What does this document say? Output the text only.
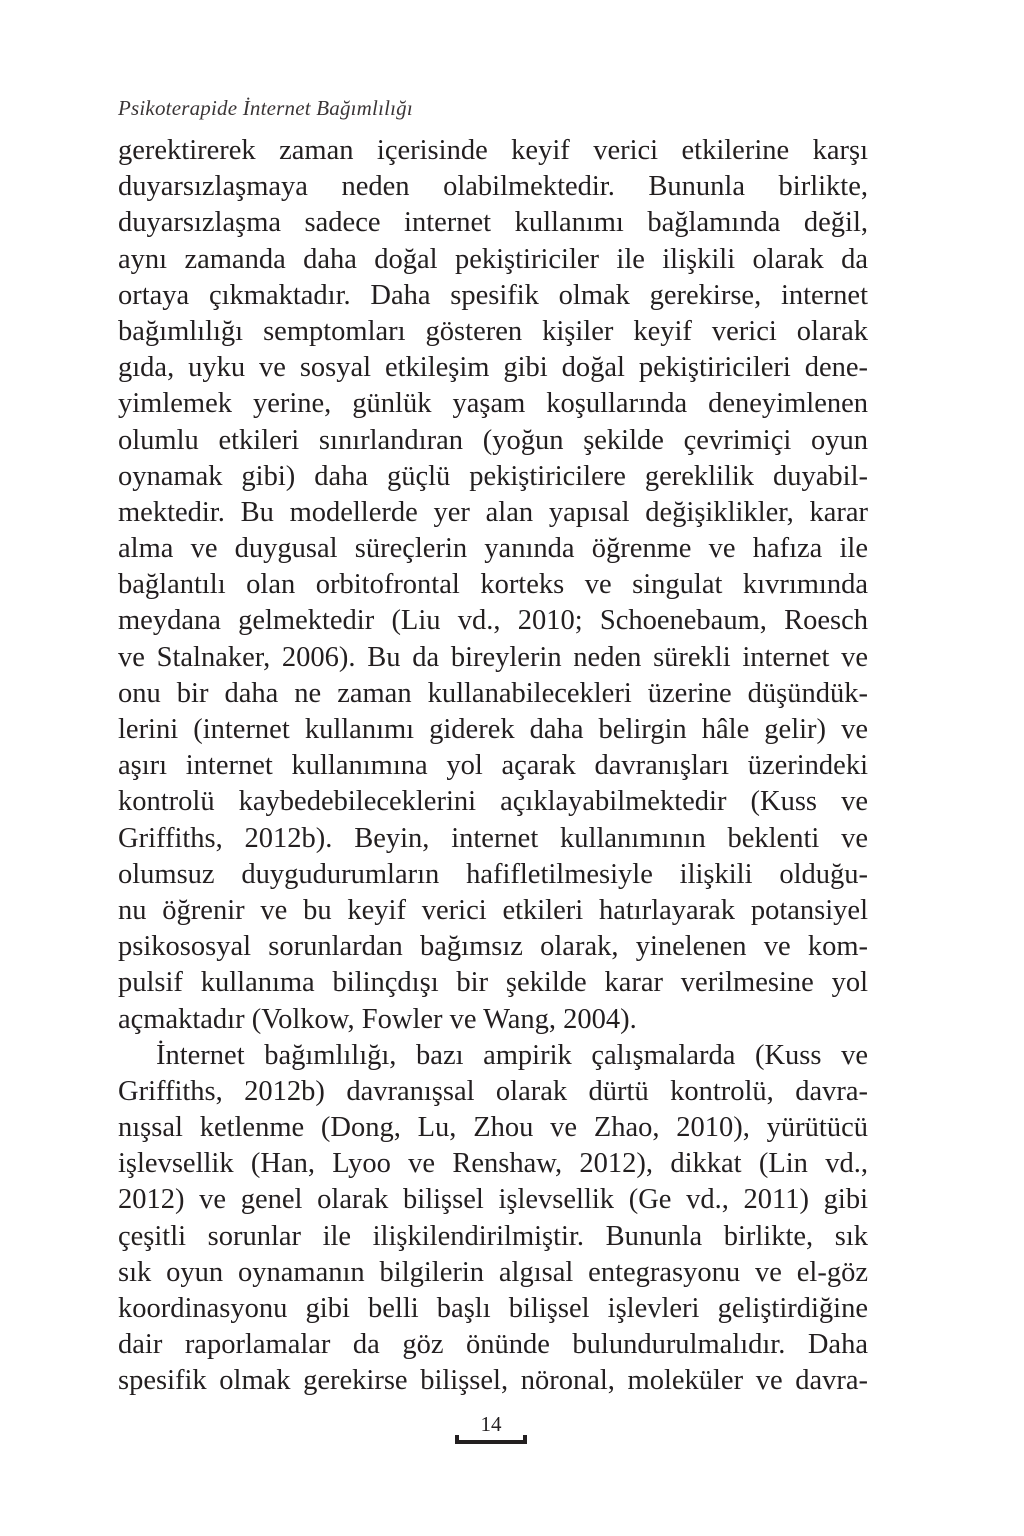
Psikoterapide İnternet Bağımlılığı
gerektirerek zaman içerisinde keyif verici etkilerine karşı
duyarsızlaşmaya neden olabilmektedir. Bununla birlikte,
duyarsızlaşma sadece internet kullanımı bağlamında değil,
aynı zamanda daha doğal pekiştiriciler ile ilişkili olarak da
ortaya çıkmaktadır. Daha spesifik olmak gerekirse, internet
bağımlılığı semptomları gösteren kişiler keyif verici olarak
gıda, uyku ve sosyal etkileşim gibi doğal pekiştiricileri dene-
yimlemek yerine, günlük yaşam koşullarında deneyimlenen
olumlu etkileri sınırlandıran (yoğun şekilde çevrimiçi oyun
oynamak gibi) daha güçlü pekiştiricilere gereklilik duyabil-
mektedir. Bu modellerde yer alan yapısal değişiklikler, karar
alma ve duygusal süreçlerin yanında öğrenme ve hafıza ile
bağlantılı olan orbitofrontal korteks ve singulat kıvrımında
meydana gelmektedir (Liu vd., 2010; Schoenebaum, Roesch
ve Stalnaker, 2006). Bu da bireylerin neden sürekli internet ve
onu bir daha ne zaman kullanabilecekleri üzerine düşündük-
lerini (internet kullanımı giderek daha belirgin hâle gelir) ve
aşırı internet kullanımına yol açarak davranışları üzerindeki
kontrolü kaybedebileceklerini açıklayabilmektedir (Kuss ve
Griffiths, 2012b). Beyin, internet kullanımının beklenti ve
olumsuz duygudurumların hafifletilmesiyle ilişkili olduğu-
nu öğrenir ve bu keyif verici etkileri hatırlayarak potansiyel
psikososyal sorunlardan bağımsız olarak, yinelenen ve kom-
pulsif kullanıma bilinçdışı bir şekilde karar verilmesine yol
açmaktadır (Volkow, Fowler ve Wang, 2004).
İnternet bağımlılığı, bazı ampirik çalışmalarda (Kuss ve
Griffiths, 2012b) davranışsal olarak dürtü kontrolü, davra-
nışsal ketlenme (Dong, Lu, Zhou ve Zhao, 2010), yürütücü
işlevsellik (Han, Lyoo ve Renshaw, 2012), dikkat (Lin vd.,
2012) ve genel olarak bilişsel işlevsellik (Ge vd., 2011) gibi
çeşitli sorunlar ile ilişkilendirilmiştir. Bununla birlikte, sık
sık oyun oynamanın bilgilerin algısal entegrasyonu ve el-göz
koordinasyonu gibi belli başlı bilişsel işlevleri geliştirdiğine
dair raporlamalar da göz önünde bulundurulmalıdır. Daha
spesifik olmak gerekirse bilişsel, nöronal, moleküler ve davra-
14
